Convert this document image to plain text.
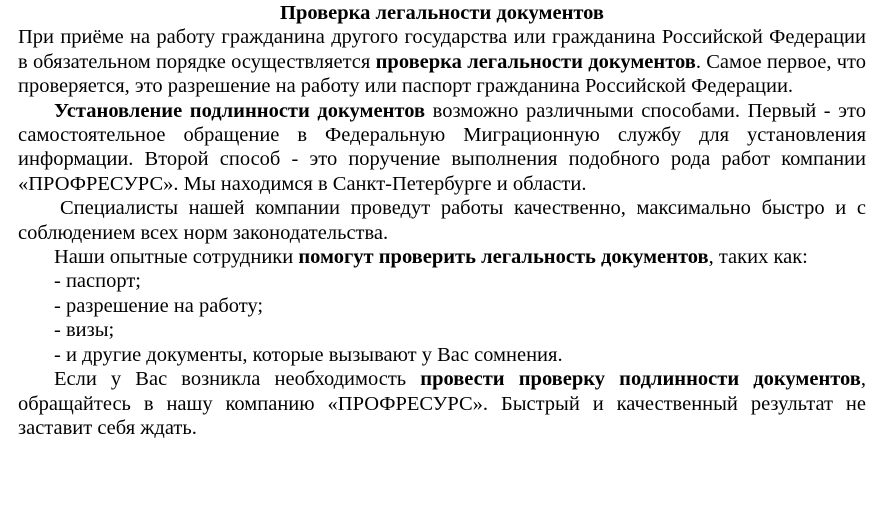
Проверка легальности документов

При приёме на работу гражданина другого государства или гражданина Российской Федерации в обязательном порядке осуществляется проверка легальности документов. Самое первое, что проверяется, это разрешение на работу или паспорт гражданина Российской Федерации.

Установление подлинности документов возможно различными способами. Первый - это самостоятельное обращение в Федеральную Миграционную службу для установления информации. Второй способ - это поручение выполнения подобного рода работ компании «ПРОФРЕСУРС». Мы находимся в Санкт-Петербурге и области.

Специалисты нашей компании проведут работы качественно, максимально быстро и с соблюдением всех норм законодательства.

Наши опытные сотрудники помогут проверить легальность документов, таких как:

- паспорт;

- разрешение на работу;

- визы;

- и другие документы, которые вызывают у Вас сомнения.

Если у Вас возникла необходимость провести проверку подлинности документов, обращайтесь в нашу компанию «ПРОФРЕСУРС». Быстрый и качественный результат не заставит себя ждать.
